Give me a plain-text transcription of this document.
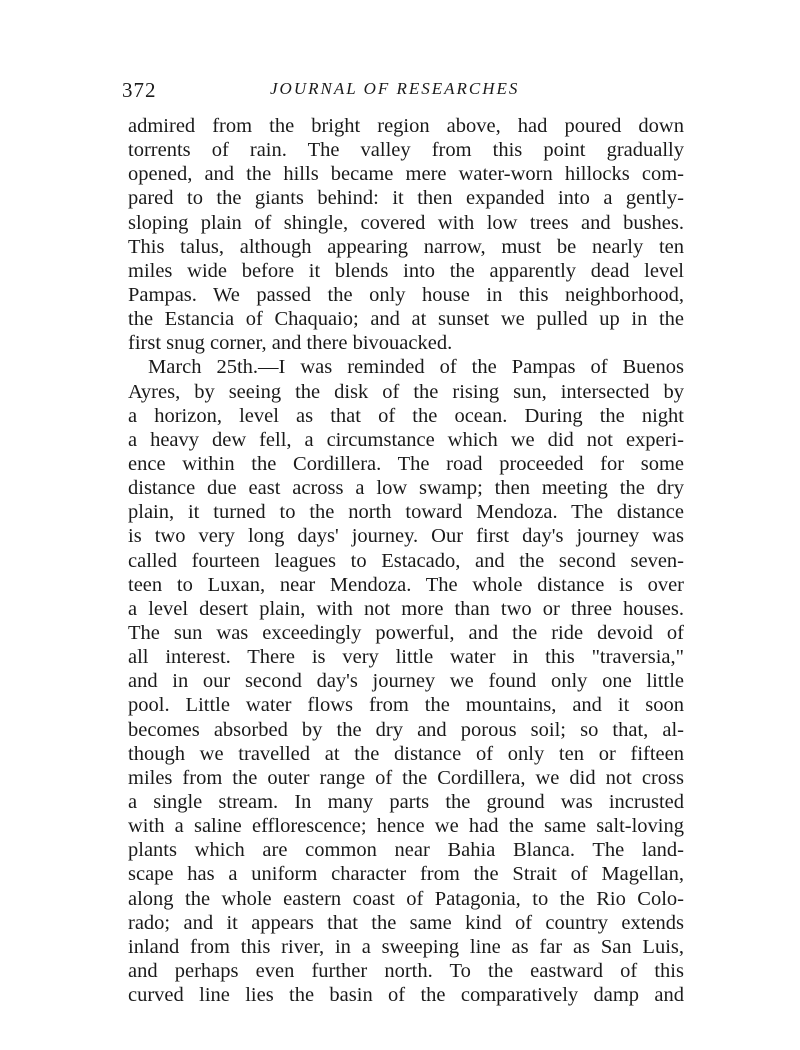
372	JOURNAL OF RESEARCHES
admired from the bright region above, had poured down
torrents of rain. The valley from this point gradually
opened, and the hills became mere water-worn hillocks com-
pared to the giants behind: it then expanded into a gently-
sloping plain of shingle, covered with low trees and bushes.
This talus, although appearing narrow, must be nearly ten
miles wide before it blends into the apparently dead level
Pampas. We passed the only house in this neighborhood,
the Estancia of Chaquaio; and at sunset we pulled up in the
first snug corner, and there bivouacked.
March 25th.—I was reminded of the Pampas of Buenos
Ayres, by seeing the disk of the rising sun, intersected by
a horizon, level as that of the ocean. During the night
a heavy dew fell, a circumstance which we did not experi-
ence within the Cordillera. The road proceeded for some
distance due east across a low swamp; then meeting the dry
plain, it turned to the north toward Mendoza. The distance
is two very long days' journey. Our first day's journey was
called fourteen leagues to Estacado, and the second seven-
teen to Luxan, near Mendoza. The whole distance is over
a level desert plain, with not more than two or three houses.
The sun was exceedingly powerful, and the ride devoid of
all interest. There is very little water in this "traversia,"
and in our second day's journey we found only one little
pool. Little water flows from the mountains, and it soon
becomes absorbed by the dry and porous soil; so that, al-
though we travelled at the distance of only ten or fifteen
miles from the outer range of the Cordillera, we did not cross
a single stream. In many parts the ground was incrusted
with a saline efflorescence; hence we had the same salt-loving
plants which are common near Bahia Blanca. The land-
scape has a uniform character from the Strait of Magellan,
along the whole eastern coast of Patagonia, to the Rio Colo-
rado; and it appears that the same kind of country extends
inland from this river, in a sweeping line as far as San Luis,
and perhaps even further north. To the eastward of this
curved line lies the basin of the comparatively damp and
